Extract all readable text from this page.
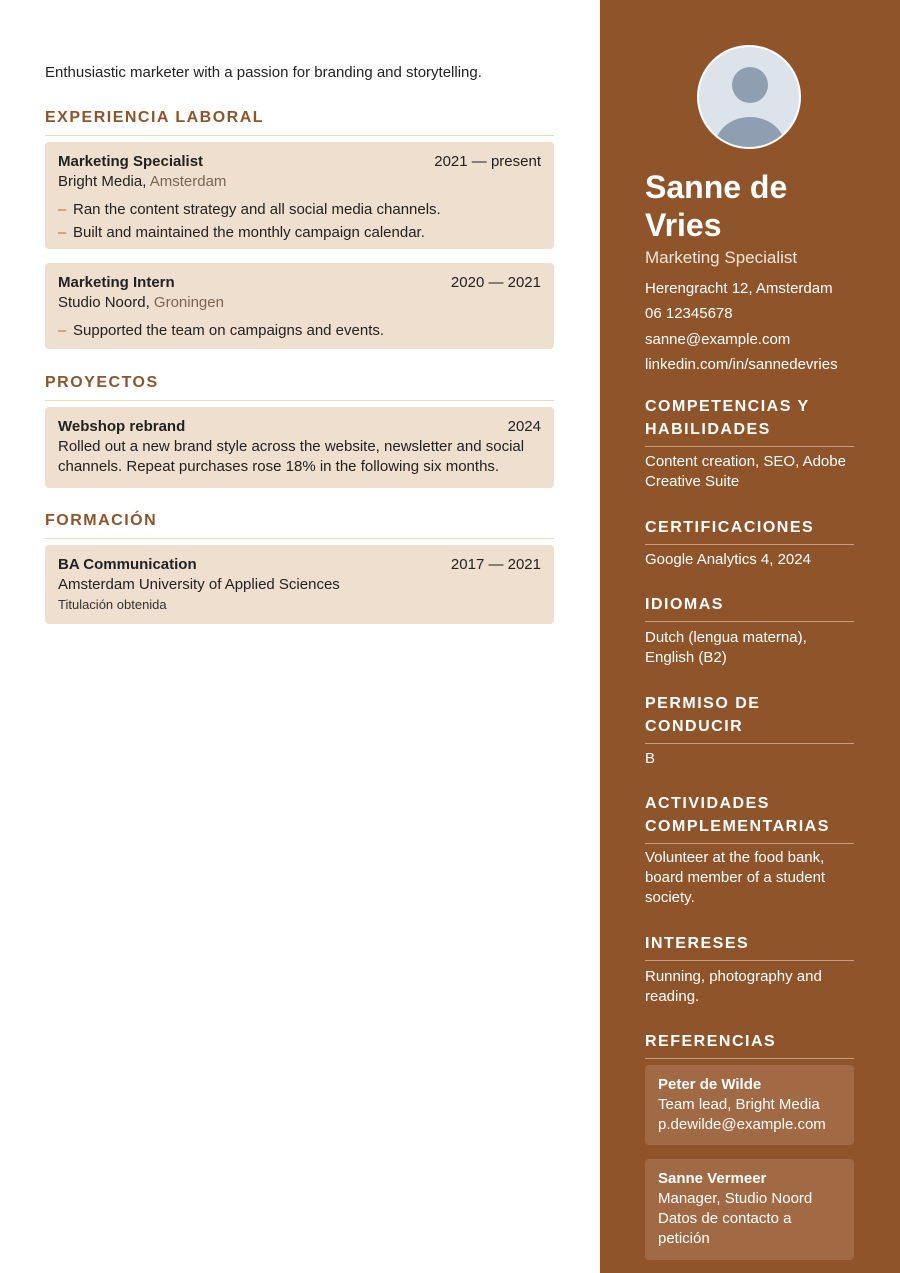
Enthusiastic marketer with a passion for branding and storytelling.

EXPERIENCIA LABORAL
Marketing Specialist	2021 — present
Bright Media, Amsterdam
– Ran the content strategy and all social media channels.
– Built and maintained the monthly campaign calendar.
Marketing Intern	2020 — 2021
Studio Noord, Groningen
– Supported the team on campaigns and events.
PROYECTOS
Webshop rebrand	2024

Rolled out a new brand style across the website, newsletter and social channels. Repeat purchases rose 18% in the following six months.

FORMACIÓN
BA Communication	2017 — 2021
Amsterdam University of Applied Sciences
Titulación obtenida
Sanne de Vries
Marketing Specialist
Herengracht 12, Amsterdam
06 12345678
sanne@example.com
linkedin.com/in/sannedevries
COMPETENCIAS Y HABILIDADES

Content creation, SEO, Adobe Creative Suite

CERTIFICACIONES

Google Analytics 4, 2024

IDIOMAS

Dutch (lengua materna), English (B2)

PERMISO DE CONDUCIR

B

ACTIVIDADES COMPLEMENTARIAS

Volunteer at the food bank, board member of a student society.

INTERESES

Running, photography and reading.

REFERENCIAS
Peter de Wilde
Team lead, Bright Media
p.dewilde@example.com
Sanne Vermeer
Manager, Studio Noord
Datos de contacto a petición
